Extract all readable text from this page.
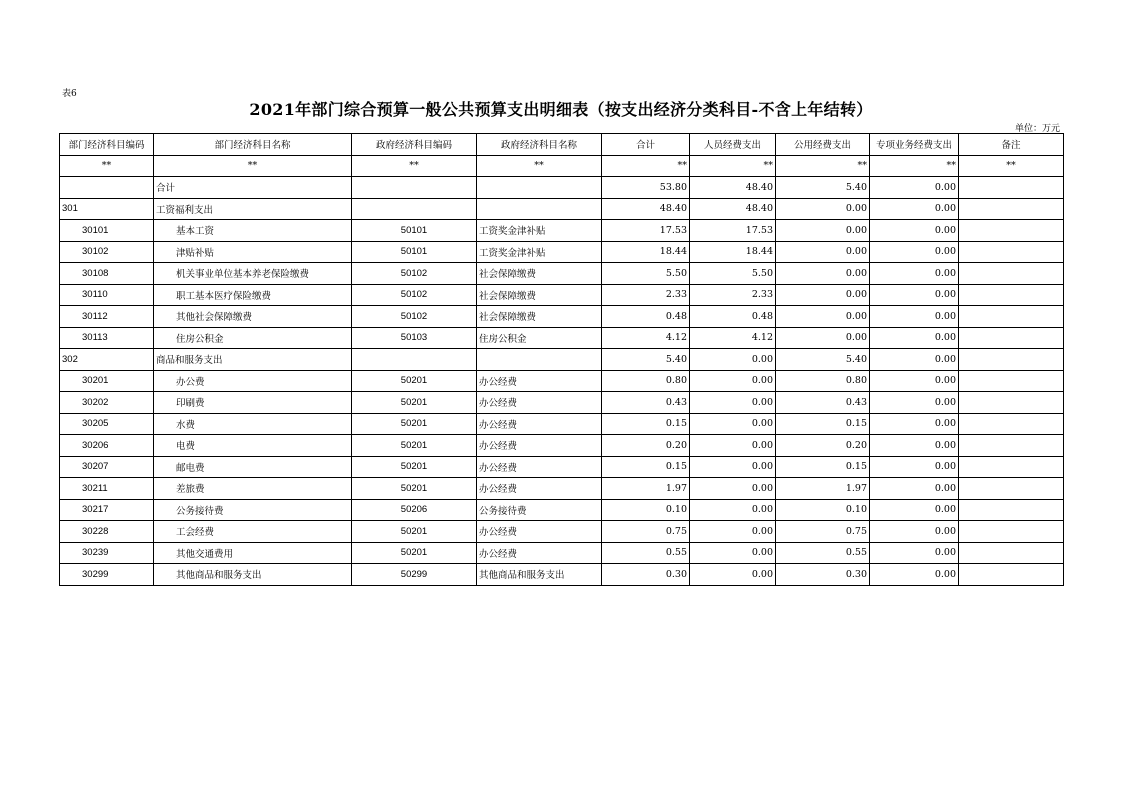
表6
2021年部门综合预算一般公共预算支出明细表（按支出经济分类科目-不含上年结转）
单位：万元
部门经济科目编码	部门经济科目名称	政府经济科目编码	政府经济科目名称	合计	人员经费支出	公用经费支出	专项业务经费支出	备注
**	**	**	**	**	**	**	**	**
	合计			53.80	48.40	5.40	0.00	
301	工资福利支出			48.40	48.40	0.00	0.00	
30101	基本工资	50101	工资奖金津补贴	17.53	17.53	0.00	0.00	
30102	津贴补贴	50101	工资奖金津补贴	18.44	18.44	0.00	0.00	
30108	机关事业单位基本养老保险缴费	50102	社会保障缴费	5.50	5.50	0.00	0.00	
30110	职工基本医疗保险缴费	50102	社会保障缴费	2.33	2.33	0.00	0.00	
30112	其他社会保障缴费	50102	社会保障缴费	0.48	0.48	0.00	0.00	
30113	住房公积金	50103	住房公积金	4.12	4.12	0.00	0.00	
302	商品和服务支出			5.40	0.00	5.40	0.00	
30201	办公费	50201	办公经费	0.80	0.00	0.80	0.00	
30202	印刷费	50201	办公经费	0.43	0.00	0.43	0.00	
30205	水费	50201	办公经费	0.15	0.00	0.15	0.00	
30206	电费	50201	办公经费	0.20	0.00	0.20	0.00	
30207	邮电费	50201	办公经费	0.15	0.00	0.15	0.00	
30211	差旅费	50201	办公经费	1.97	0.00	1.97	0.00	
30217	公务接待费	50206	公务接待费	0.10	0.00	0.10	0.00	
30228	工会经费	50201	办公经费	0.75	0.00	0.75	0.00	
30239	其他交通费用	50201	办公经费	0.55	0.00	0.55	0.00	
30299	其他商品和服务支出	50299	其他商品和服务支出	0.30	0.00	0.30	0.00	
